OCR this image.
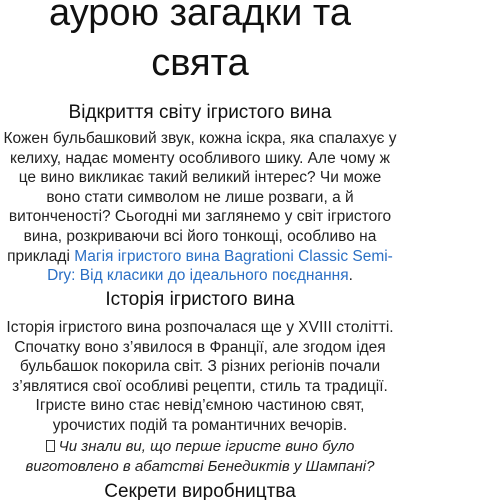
аурою загадки та свята
Відкриття світу ігристого вина

Кожен бульбашковий звук, кожна іскра, яка спалахує у келиху, надає моменту особливого шику. Але чому ж це вино викликає такий великий інтерес? Чи може воно стати символом не лише розваги, а й витонченості? Сьогодні ми заглянемо у світ ігристого вина, розкриваючи всі його тонкощі, особливо на прикладі Магія ігристого вина Bagrationi Classic Semi-Dry: Від класики до ідеального поєднання.

Історія ігристого вина

Історія ігристого вина розпочалася ще у XVIII столітті. Спочатку воно з’явилося в Франції, але згодом ідея бульбашок покорила світ. З різних регіонів почали з’являтися свої особливі рецепти, стиль та традиції. Ігристе вино стає невід’ємною частиною свят, урочистих подій та романтичних вечорів.

Чи знали ви, що перше ігристе вино було виготовлено в абатстві Бенедиктів у Шампані?

Секрети виробництва
